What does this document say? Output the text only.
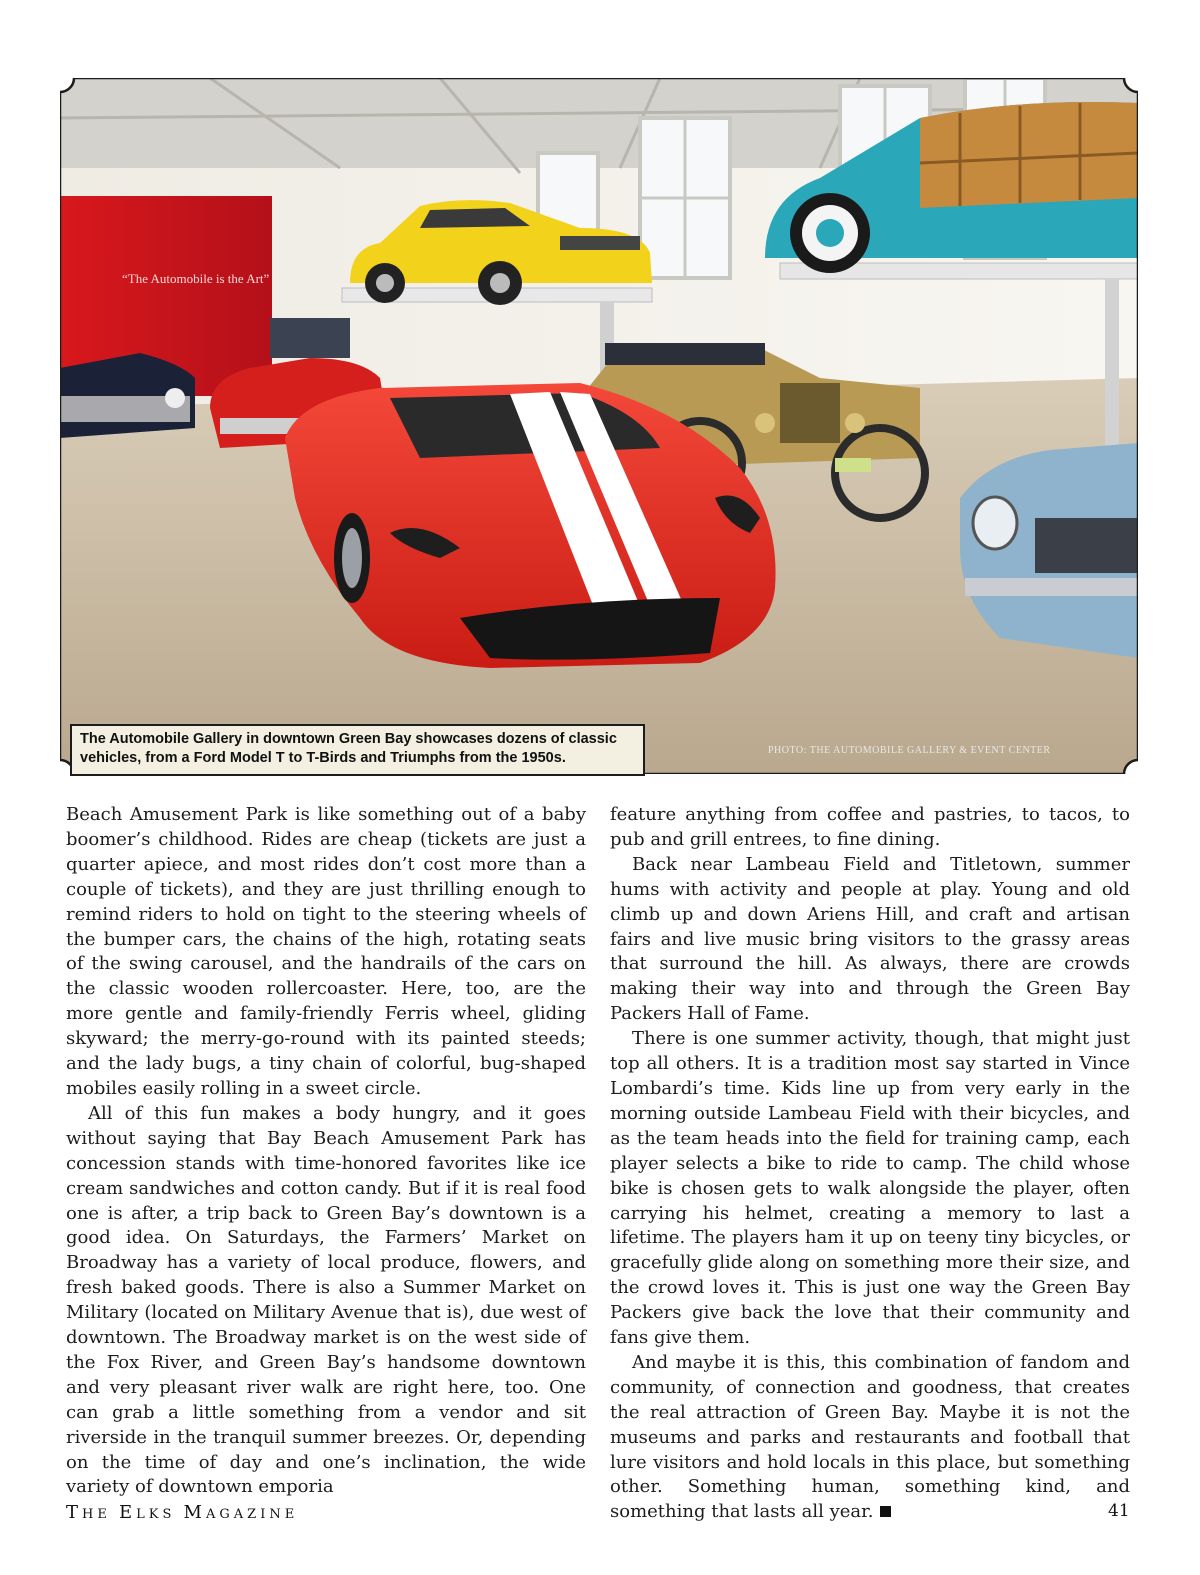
“The Automobile is the Art”
The Automobile Gallery in downtown Green Bay showcases dozens of classic vehicles, from a Ford Model T to T-Birds and Triumphs from the 1950s.	PHOTO: THE AUTOMOBILE GALLERY & EVENT CENTER

Beach Amusement Park is like something out of a baby boomer’s childhood. Rides are cheap (tickets are just a quarter apiece, and most rides don’t cost more than a couple of tickets), and they are just thrilling enough to remind riders to hold on tight to the steering wheels of the bumper cars, the chains of the high, rotating seats of the swing carousel, and the handrails of the cars on the classic wooden rollercoaster. Here, too, are the more gentle and family-friendly Ferris wheel, gliding skyward; the merry-go-round with its painted steeds; and the lady bugs, a tiny chain of colorful, bug-shaped mobiles easily rolling in a sweet circle.

All of this fun makes a body hungry, and it goes without saying that Bay Beach Amusement Park has concession stands with time-honored favorites like ice cream sandwiches and cotton candy. But if it is real food one is after, a trip back to Green Bay’s downtown is a good idea. On Saturdays, the Farmers’ Market on Broadway has a variety of local produce, flowers, and fresh baked goods. There is also a Summer Market on Military (located on Military Avenue that is), due west of downtown. The Broadway market is on the west side of the Fox River, and Green Bay’s handsome downtown and very pleasant river walk are right here, too. One can grab a little something from a vendor and sit riverside in the tranquil summer breezes. Or, depending on the time of day and one’s inclination, the wide variety of downtown emporia

feature anything from coffee and pastries, to tacos, to pub and grill entrees, to fine dining.

Back near Lambeau Field and Titletown, summer hums with activity and people at play. Young and old climb up and down Ariens Hill, and craft and artisan fairs and live music bring visitors to the grassy areas that surround the hill. As always, there are crowds making their way into and through the Green Bay Packers Hall of Fame.

There is one summer activity, though, that might just top all others. It is a tradition most say started in Vince Lombardi’s time. Kids line up from very early in the morning outside Lambeau Field with their bicycles, and as the team heads into the field for training camp, each player selects a bike to ride to camp. The child whose bike is chosen gets to walk alongside the player, often carrying his helmet, creating a memory to last a lifetime. The players ham it up on teeny tiny bicycles, or gracefully glide along on something more their size, and the crowd loves it. This is just one way the Green Bay Packers give back the love that their community and fans give them.

And maybe it is this, this combination of fandom and community, of connection and goodness, that creates the real attraction of Green Bay. Maybe it is not the museums and parks and restaurants and football that lure visitors and hold locals in this place, but something other. Something human, something kind, and something that lasts all year.

THE ELKS MAGAZINE	41
